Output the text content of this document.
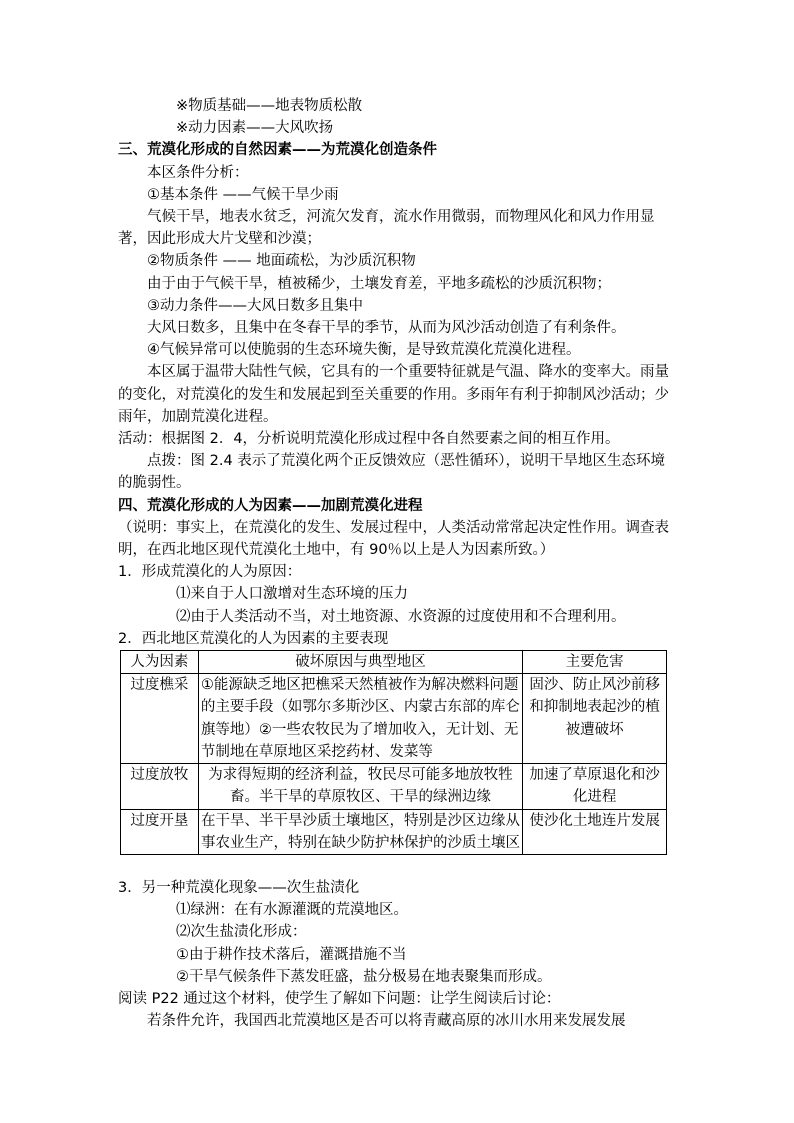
※物质基础——地表物质松散
※动力因素——大风吹扬
三、荒漠化形成的自然因素——为荒漠化创造条件
本区条件分析：
①基本条件 ——气候干旱少雨
气候干旱，地表水贫乏，河流欠发育，流水作用微弱，而物理风化和风力作用显著，因此形成大片戈壁和沙漠；
②物质条件 —— 地面疏松，为沙质沉积物
由于由于气候干旱，植被稀少，土壤发育差，平地多疏松的沙质沉积物；
③动力条件——大风日数多且集中
大风日数多，且集中在冬春干旱的季节，从而为风沙活动创造了有利条件。
④气候异常可以使脆弱的生态环境失衡，是导致荒漠化荒漠化进程。
本区属于温带大陆性气候，它具有的一个重要特征就是气温、降水的变率大。雨量的变化，对荒漠化的发生和发展起到至关重要的作用。多雨年有利于抑制风沙活动；少雨年，加剧荒漠化进程。
活动：根据图 2．4，分析说明荒漠化形成过程中各自然要素之间的相互作用。
点拨：图 2.4 表示了荒漠化两个正反馈效应（恶性循环），说明干旱地区生态环境的脆弱性。
四、荒漠化形成的人为因素——加剧荒漠化进程
（说明：事实上，在荒漠化的发生、发展过程中，人类活动常常起决定性作用。调查表明，在西北地区现代荒漠化土地中，有 90％以上是人为因素所致。）
1．形成荒漠化的人为原因：
⑴来自于人口激增对生态环境的压力
⑵由于人类活动不当，对土地资源、水资源的过度使用和不合理利用。
2．西北地区荒漠化的人为因素的主要表现
人为因素	破坏原因与典型地区	主要危害
过度樵采	①能源缺乏地区把樵采天然植被作为解决燃料问题的主要手段（如鄂尔多斯沙区、内蒙古东部的库仑旗等地）②一些农牧民为了增加收入，无计划、无节制地在草原地区采挖药材、发菜等	固沙、防止风沙前移和抑制地表起沙的植被遭破坏
过度放牧	为求得短期的经济利益，牧民尽可能多地放牧牲畜。半干旱的草原牧区、干旱的绿洲边缘	加速了草原退化和沙化进程
过度开垦	在干旱、半干旱沙质土壤地区，特别是沙区边缘从事农业生产，特别在缺少防护林保护的沙质土壤区	使沙化土地连片发展
3．另一种荒漠化现象——次生盐渍化
⑴绿洲：在有水源灌溉的荒漠地区。
⑵次生盐渍化形成：
①由于耕作技术落后，灌溉措施不当
②干旱气候条件下蒸发旺盛，盐分极易在地表聚集而形成。
阅读 P22 通过这个材料，使学生了解如下问题：让学生阅读后讨论：
若条件允许，我国西北荒漠地区是否可以将青藏高原的冰川水用来发展发展
